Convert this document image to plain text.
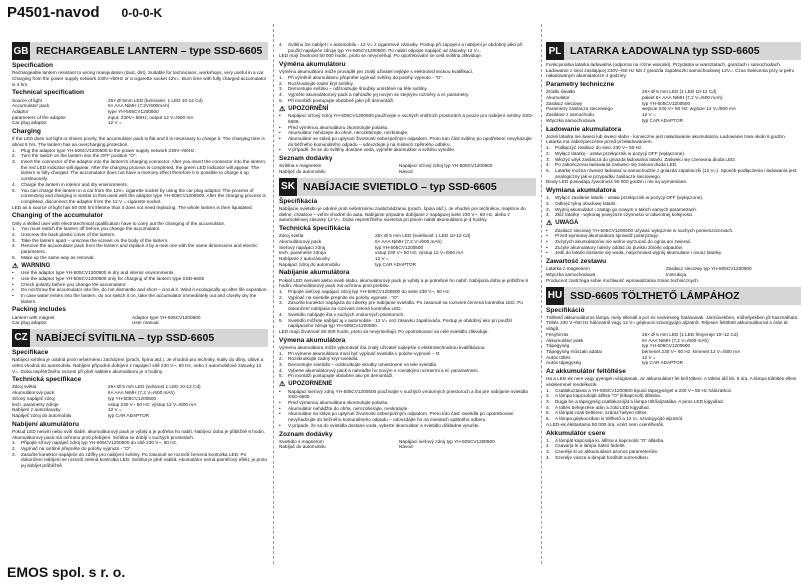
P4501-navod 0-0-0-K
GB RECHARGEABLE LANTERN – type SSD-6605
Specification
Rechargeable lantern resistant to wrong manipulation (dust, dirt). Suitable for technicians, workshops, very useful in a car. Charging from the power supply network 230V~/50Hz or a cigarette socket 12V=. Burn time with fully charged accumulator is 4 hrs.
Technical specification
Source of light	26× Ø 5mm LED (luminaire: 1 LED 10-12 Cd)
Accumulator pack	6× AAA NiMH (7.2V/600mAh)
Adaptor	type YH-505CV1200500
parameters of the adaptor	input: 230V~ 50Hz; output 12 V=/500 mA
Car plug adaptor	12 V =
Charging
If the LED does not light or shines poorly, the accumulator pack is flat and it is necessary to charge it. The charging time is about 6 hrs. The lantern has an overcharging protection.
1.	Plug the adaptor type YH-505CV1200500 to the power supply network 230V~/50Hz.
2.	Turn the switch on the lantern into the OFF position "O".
3.	Insert the connector of the adaptor into the lantern's charging connector. After you insert the connector into the lantern, the red LED indicator will appear. After the charging process is completed, the green LED indicator will appear. The lantern is fully charged. The accumulator does not have a memory effect therefore it is possible to charge it up continuously.
4.	Charge the lantern in interior and dry environments.
5.	You can charge the lantern in a car from the 12V= cigarette socket by using the car plug adaptor. The process of connecting and charging is similar to that used with the adaptor type YH-505CV1200500. After the charging process is completed, disconnect the adaptor from the 12 V = cigarette socket.
LED as a source of light has 50 000 hrs lifetime thus it does not need replacing. The whole lantern is then liquidated.
Changing of the accumulator
Only a skilled user with electrotechnical qualification have to carry out the changing of the accumulator.
1.	You must switch the lantern off before you change the accumulator.
2.	Unscrew the back plastic cover of the lantern.
3.	Take the lantern apart – unscrew the screws on the body of the lantern.
4.	Remove the accumulator pack from the lantern and replace it by a new one with the same dimensions and electric parameters.
5.	Make up the same way as removal.
⚠ WARNING
•	Use the adaptor type YH-505CV1200500 in dry and interior environments.
•	Use the adaptor type YH-505CV1200500 only for charging of the lantern type SSD-6605
•	Check polarity before you change the accumulator.
•	Do not throw the accumulator into fire, do not dismantle and short – circuit it. Wind it ecologically up after life expiration.
•	In case water enters into the lantern, do not switch it on, take the accumulator immediately out and closely dry the lantern.
Packing includes
Lantern with magnet	Adaptor type YH-505CV1200500
Car plug adaptor	User manual
CZ NABÍJECÍ SVÍTILNA – typ SSD-6605
Specifikace
Nabíjecí svítilna je odolná proti nešetrnému zacházení (prach, špína atd.). Je vhodná pro techniky, kutily do dílny, citlivé a velmi vhodná do automobilu. Nabíjení přípodné dobíjení z napájecí sítě 230 V~, 50 Hz, nebo z automobilové zásuvky 12 V=. Doba nepřetržitého svícení při plně nabitém akumulátoru je 4 hodiny.
Technická specifikace
Zdroj světla	26× Ø 5 mm LED (svítivost 1 LED 10-12 Cd)
Akumulátorový pack	6× AAA NiMH (7,2 V=/600 mAh)
Síťový napáječ zdroj	typ YH-505CV1200500
tech. parametry zdroje	vstup 230 V~ 50 Hz; výstup 12 V=/500 mA
Nabíjení z autozásuvky	12 V =
Napáječ zdroj do automobilu	typ CAR ADAPTOR
Nabíjení akumulátoru
Pokud LED nesvítí nebo svítí slabě, akumulátorový pack je vybitý a je potřeba ho nabít. Nabíjecí doba je přibližně 6 hodin. Akumulátorový pack má ochranu proti přebíjení. Svítilna se dobíjí v suchých prostorách.
1.	Připojte síťový napáječ zdroj typ YH-505CV1200500 do sítě 230 V~, 50 Hz.
2.	Vypínač na svítilně přepněte do polohy vypnuto - "O".
3.	Zasuňte konektor napáječe do zdířky pro nabíjení svítilny. Po zasunutí se rozsvítí červená kontrolka LED. Po dokončení nabíjení se rozsvítí zelená kontrolka LED. Svítilna je plně nabitá. Akumulátor nemá paměťový efekt, je proto jej dobíjet průběžně.
4.	Svítilnu lze nabíjet i v automobilu - 12 V= z cigaretové zásuvky. Postup při zapojení a nabíjení je obdobný jako při použití napáječe zdroje typ YH-505CV1200500. Po nabití odpojte napáječ od zásuvky 12 V=.
LED mají životnost 50 000 hodin, proto se nevyměňují. Po opotřebování se celá svítilna zlikviduje.
Výměna akumulátoru
Výměnu akumulátoru může provádět jen znalý uživatel nejlépe s elektrotechnickou kvalifikací.
1.	Při výměně akumulátoru přepněte vypínač svítilny do polohy vypnuto - "O".
2.	Rozšroubujte zadní kryt svítilny.
3.	Demontujte svítilnu – odšroubujte šroubky umístěné na těle svítilny.
4.	Vyjměte akumulátorový pack a nahraďte jej novým se stejnými rozměry a el. parametry.
5.	Při montáži postupujte obdobně jako při demontáži.
⚠ UPOZORNĚNÍ
•	Napájecí síťový zdroj YH-505CV1200500 používejte v suchých vnitřních prostorách a pouze pro nabíjení svítilny SSD-6605.
•	Před výměnou akumulátoru zkontrolujte polaritu.
•	Akumulátor neházejte do ohně, nerozebírejte, nezkratujte.
•	Akumulátor se stává po uplynutí životnosti nebezpečným odpadem. Proto tuto část svítilny po opotřebení nevyhazujte do běžného komunálního odpadu – odevzdejte ji na místech zpětného odběru.
•	V případě, že se do svítilny dostane voda, vyjměte akumulátor a svítilnu vysušte.
Seznam dodávky
Svítilna s magnetem	Napájecí síťový zdroj typ YH-505CV1200500
Nabíječ do automobilu	Návod
SK NABÍJACIE SVIETIDLO – typ SSD-6605
Špecifikácia
Nabíjacie svietidlo je odolné proti nešetrnému zaobchádzaniu (prach, špina atď.). Je vhodné pre technikov, majstrov do dielne, chatárov – veľmi vhodné do auta. Nabíjanie prípadne dobíjanie z napájacej siete 230 V~, 50 Hz, alebo z automobilovej zásuvky 12 V=. Doba nepretržitého svietenia pri plnom nabití akumulátora je 4 hodiny.
Technická špecifikácia
Zdroj svetla	26× Ø 5 mm LED (svietivosť 1 LED 10-12 Cd)
Akumulátorový pack	6× AAA NiMH (7,2 V=/600 mAh)
Sieťový napájací zdroj	typ YH-505CV1200500
tech. parametre zdroja	vstup 230 V~ 50 Hz; výstup 12 V=/500 mA
Nabíjanie z autozásuvky	12 V =
Napájací zdroj do automobilu	typ CAR ADAPTOR
Nabíjanie akumulátora
Pokiaľ LED nesvieti alebo svieti slabo, akumulátorový pack je vybitý a je potrebné ho nabiť. Nabíjacia doba je približne 6 hodín. Akumulátorový pack má ochranu proti prebitiu.
1.	Pripojte sieťový napájací zdroj typ YH-505CV1200500 do siete 230 V~, 50 Hz.
2.	Vypínač na svietidle prepnite do polohy vypnuté - "O".
3.	Zasuňte konektor napájača do zdierky pre nabíjanie svietidla. Po zasunutí sa rozsvieti červená kontrolka LED. Po dokončení nabíjania sa rozsvieti zelená kontrolka LED.
4.	Svietidlo nabíjajte iba v suchých vnútorných priestoroch.
5.	Svietidlo môžete nabíjať aj v automobile - 12 V= cez zásuvku zapaľovača. Postup je obdobný ako pri použití napájacieho zdroja typ YH-505CV1200500.
LED majú životnosť 50 000 hodín, preto sa nevymieňajú. Po opotrebovaní sa celé svietidlo zlikviduje.
Výmena akumulátora
Výmenu akumulátora môže vykonávať iba znalý užívateľ najlepšie s elektrotechnickou kvalifikáciou.
1.	Pri výmene akumulátora musí byť vypínač svietidla v polohe vypnuté – O.
2.	Rozskrutkujte zadný kryt svietidla.
3.	Demontujte svietidlo – odskrutkujte skrutky umiestnené na tele svietidla.
4.	Vyberte akumulátorový pack a nahraďte ho novým s rovnakými rozmermi a el. parametrami.
5.	Pri montáži postupujte obdobne ako pri demontáži.
⚠ UPOZORNENIE
•	Napájací sieťový zdroj YH-505CV1200500 používajte v suchých vnútorných priestoroch a iba pre nabíjanie svietidla SSD-6605.
•	Pred výmenou akumulátora skontrolujte polaritu.
•	Akumulátor nehádžte do ohňa, nerozoberajte, neskratujte.
•	Akumulátor sa stáva po uplynutí životnosti nebezpečným odpadom. Preto túto časť svietidla po opotrebovaní nevyhadzujte do bežného komunálneho odpadu – odovzdajte ho na miestach spätného odberu.
•	V prípade, že sa do svietidla dostane voda, vyberte akumulátor a svietidlo dôkladne vysušte.
Zoznam dodávky
Svietidlo s magnetom	Napájací sieťový zdroj typ YH-505CV1200500
Nabíjač do automobilu	Návod
PL LATARKA ŁADOWALNA typ SSD-6605
Funkcjonalna latarka ładowalna (odporna na różne warunki). Przydatna w warsztatach, garażach i samochodach. Ładowanie z sieci zasilającej 230V~/50 Hz lub z gniazda zapalniczki samochodowej 12V=. Czas świecenia przy w pełni naładowanym akumulatorze 4 godziny.
Parametry techniczne
Źródło światła	26× Ø 5 mm LED (1 LED 10-12 Cd)
Akumulator	pakiet 6× AAA NiMH (7,2 V=/600 mAh)
Zasilacz sieciowy	typ YH-505CV1200500
Parametry zasilacza sieciowego	wejście 230 V~ 50 Hz; wyjście 12 V=/500 mA
Zasilanie z samochodu	12 V =
Wtyczka samochodowa	typ CAR ADAPTOR
Ładowanie akumulatora
Jeżeli latarka nie świeci lub świeci słabo - konieczne jest naładowanie akumulatora. Ładowanie trwa około 6 godzin. Latarka ma zabezpieczenie przed przeładowaniem.
1.	Podłączyć zasilacz do sieci 230 V~ 50 Hz.
2.	Wyłącz latarkę - ustaw przełącznik w pozycji OFF (wyłączone).
3.	Włożyć wtyk zasilacza do gniazda ładowania latarki. Zaświeci się czerwona dioda LED.
4.	Po zakończeniu ładowania zaświeci się zielona dioda LED.
5.	Latarkę można również ładować w samochodzie z gniazda zapalniczki (12 V=). Sposób podłączenia i ładowania jest analogiczny jak w przypadku zasilacza sieciowego.
Diody LED posiadają żywotność 50 000 godzin i nie są wymieniane.
Wymiana akumulatora
1.	Wyłącz zasilanie latarki - ustaw przełącznik w pozycji OFF (wyłączone).
2.	Odkręć tylną obudowę latarki.
3.	Wyjmij akumulator i zastąp go nowym o takich samych parametrach.
4.	Złóż latarkę - wykonaj powyższe czynności w odwrotnej kolejności.
⚠ UWAGA
•	Zasilacz sieciowy YH-505CV1200500 używać wyłącznie w suchych pomieszczeniach.
•	Przed wymianą akumulatora sprawdź polaryzację.
•	Zużytych akumulatorów nie wolno wyrzucać do ognia ani zwierać.
•	Zużyte akumulatory należy oddać do punktu zbiórki odpadów.
•	Jeśli do latarki dostanie się woda, natychmiast wyjmij akumulator i osusz latarkę.
Zawartość zestawu
Latarka z magnesem	Zasilacz sieciowy typ YH-505CV1200500
Wtyczka samochodowa	Instrukcja
Producent zastrzega sobie możliwość wprowadzania zmian technicznych.
HU SSD-6605 TÖLTHETŐ LÁMPÁHOZ
Specifikáció
Tölthető akkumulátoros lámpa, mely ellenáll a por és nedvesség hatásainak. Járművekben, műhelyekben jól használható. Töltés 230 V~/50 Hz hálózatról vagy 12 V= gépkocsi szivargyújtó aljzatról. Teljesen feltöltött akkumulátorral 4 órán át világít.
Fényforrás	26× Ø 5 mm LED (1 LED fényereje 10–12 Cd)
Akkumulátor pakk	6× AAA NiMH (7,2 V=/600 mAh)
Tápegység	typ YH-505CV1200500
Tápegység műszaki adatai	bemenet 230 V~ 50 Hz; kimenet 12 V=/500 mA
Autós töltés	12 V =
Autós tápegység	typ CAR ADAPTOR
Az akkumulátor feltöltése
Ha a LED-ek nem vagy gyengén világítanak, az akkumulátort fel kell tölteni. A töltési idő kb. 6 óra. A lámpa túltöltés elleni védelemmel rendelkezik.
1.	Csatlakoztassa a YH-505CV1200500 típusú tápegységet a 230 V~ 50 Hz hálózathoz.
2.	A lámpa kapcsolóját állítsa "O" (kikapcsolt) állásba.
3.	Dugja be a tápegység csatlakozóját a lámpa töltőaljzatába. A piros LED kigyullad.
4.	A töltés befejezése után a zöld LED kigyullad.
5.	A lámpát csak beltéren, száraz helyen töltse.
6.	A lámpa gépkocsiban is tölthető a 12 V= szivargyújtó aljzatról.
A LED-ek élettartama 50 000 óra, ezért nem cserélhetők.
Akkumulátor csere
1.	A lámpát kapcsolja ki, állítsa a kapcsolót "O" állásba.
2.	Csavarja le a lámpa hátsó fedelét.
3.	Cserélje ki az akkumulátort azonos paraméterűre.
4.	Szerelje vissza a lámpát fordított sorrendben.
EMOS spol. s r. o.
